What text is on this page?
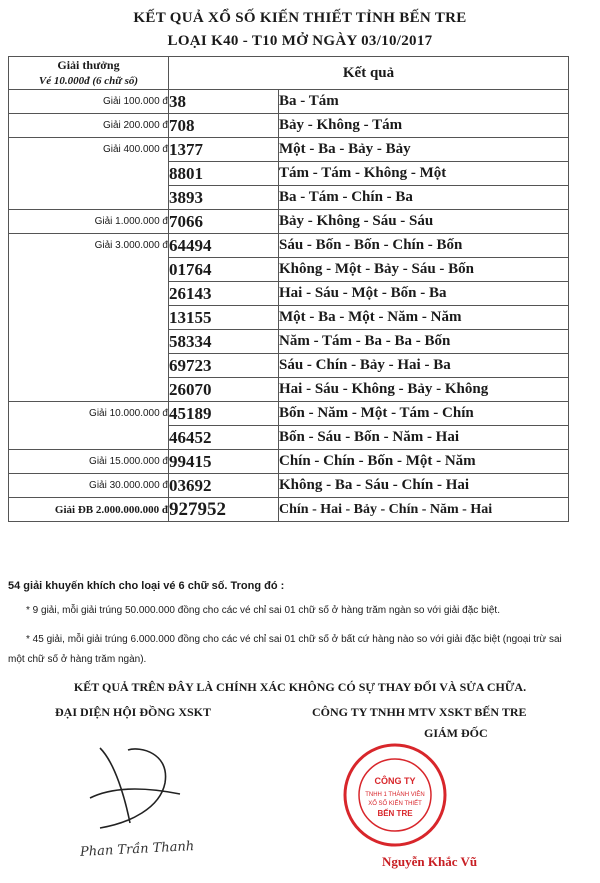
KẾT QUẢ XỔ SỐ KIẾN THIẾT TỈNH BẾN TRE
LOẠI K40 - T10 MỞ NGÀY 03/10/2017
Giải thưởng
Vé 10.000đ (6 chữ số)	Kết quả	
Giải 100.000 đ	38	Ba - Tám
Giải 200.000 đ	708	Bảy - Không - Tám
Giải 400.000 đ	1377	Một - Ba - Bảy - Bảy
	8801	Tám - Tám - Không - Một
	3893	Ba - Tám - Chín - Ba
Giải 1.000.000 đ	7066	Bảy - Không - Sáu - Sáu
Giải 3.000.000 đ	64494	Sáu - Bốn - Bốn - Chín - Bốn
	01764	Không - Một - Bảy - Sáu - Bốn
	26143	Hai - Sáu - Một - Bốn - Ba
	13155	Một - Ba - Một - Năm - Năm
	58334	Năm - Tám - Ba - Ba - Bốn
	69723	Sáu - Chín - Bảy - Hai - Ba
	26070	Hai - Sáu - Không - Bảy - Không
Giải 10.000.000 đ	45189	Bốn - Năm - Một - Tám - Chín
	46452	Bốn - Sáu - Bốn - Năm - Hai
Giải 15.000.000 đ	99415	Chín - Chín - Bốn - Một - Năm
Giải 30.000.000 đ	03692	Không - Ba - Sáu - Chín - Hai
Giải ĐB 2.000.000.000 đ	927952	Chín - Hai - Bảy - Chín - Năm - Hai
54 giải khuyến khích cho loại vé 6 chữ số. Trong đó :
* 9 giải, mỗi giải trúng 50.000.000 đồng cho các vé chỉ sai 01 chữ số ở hàng trăm ngàn so với giải đặc biệt.
* 45 giải, mỗi giải trúng 6.000.000 đồng cho các vé chỉ sai 01 chữ số ở bất cứ hàng nào so với giải đặc biệt (ngoại trừ sai
một chữ số ở hàng trăm ngàn).
KẾT QUẢ TRÊN ĐÂY LÀ CHÍNH XÁC KHÔNG CÓ SỰ THAY ĐỔI VÀ SỬA CHỮA.
ĐẠI DIỆN HỘI ĐỒNG XSKT	CÔNG TY TNHH MTV XSKT BẾN TRE
GIÁM ĐỐC
Phan Trần Thanh
CÔNG TY
TNHH 1 THÀNH VIÊN
XỔ SỐ KIẾN THIẾT
BẾN TRE
Nguyễn Khắc Vũ
